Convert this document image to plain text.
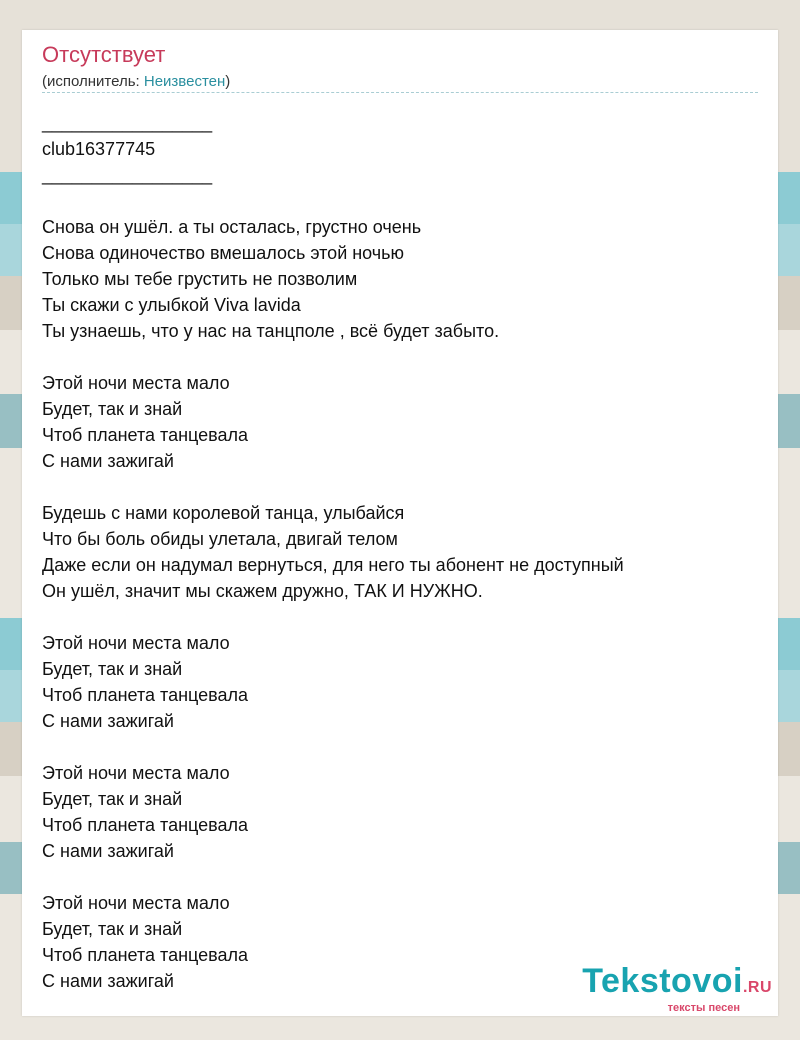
Отсутствует
(исполнитель: Неизвестен)
_________________
club16377745
_________________

Снова он ушёл. а ты осталась, грустно очень
Снова одиночество вмешалось этой ночью
Только мы тебе грустить не позволим
Ты скажи с улыбкой Viva lavida
Ты узнаешь, что у нас на танцполе , всё будет забыто.

Этой ночи места мало
Будет, так и знай
Чтоб планета танцевала
С нами зажигай

Будешь с нами королевой танца, улыбайся
Что бы боль обиды улетала, двигай телом
Даже если он надумал вернуться, для него ты абонент не доступный
Он ушёл, значит мы скажем дружно, ТАК И НУЖНО.

Этой ночи места мало
Будет, так и знай
Чтоб планета танцевала
С нами зажигай

Этой ночи места мало
Будет, так и знай
Чтоб планета танцевала
С нами зажигай

Этой ночи места мало
Будет, так и знай
Чтоб планета танцевала
С нами зажигай	Tekstovoi.RU
тексты песен
